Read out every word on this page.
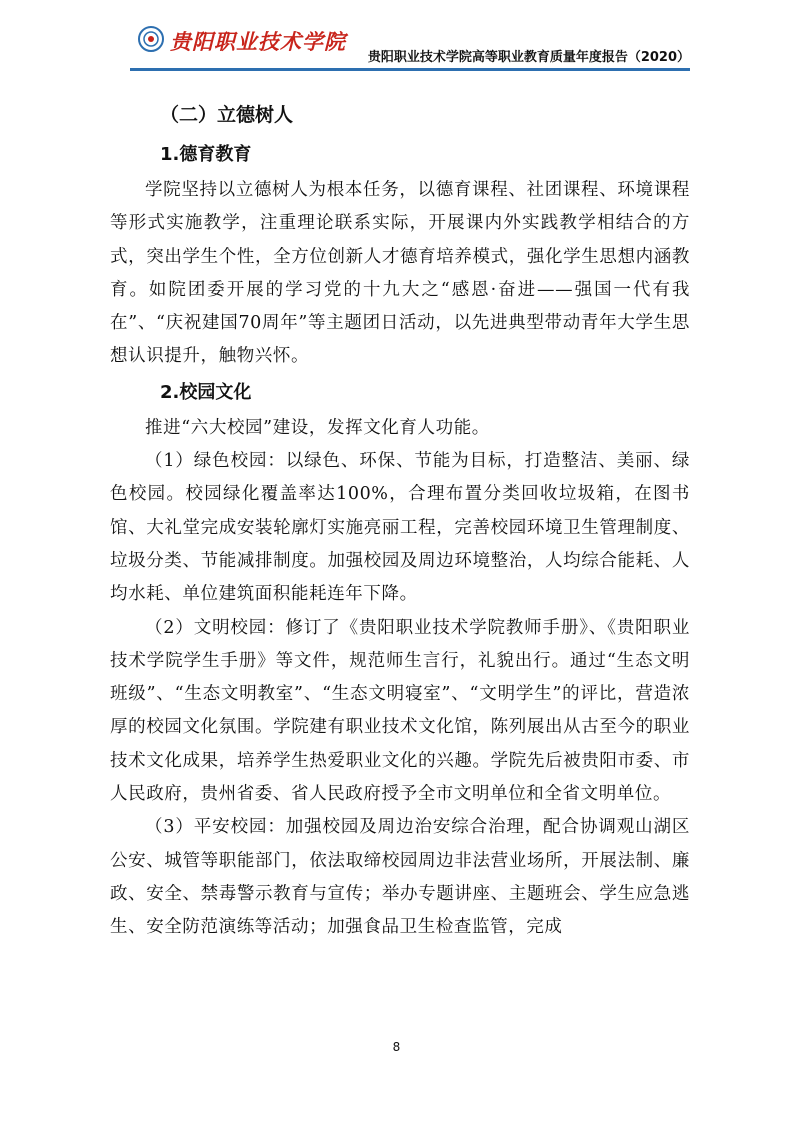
贵阳职业技术学院
贵阳职业技术学院高等职业教育质量年度报告（2020）
（二）立德树人
1.德育教育

学院坚持以立德树人为根本任务，以德育课程、社团课程、环境课程等形式实施教学，注重理论联系实际，开展课内外实践教学相结合的方式，突出学生个性，全方位创新人才德育培养模式，强化学生思想内涵教育。如院团委开展的学习党的十九大之“感恩·奋进——强国一代有我在”、“庆祝建国70周年”等主题团日活动，以先进典型带动青年大学生思想认识提升，触物兴怀。

2.校园文化

推进“六大校园”建设，发挥文化育人功能。

（1）绿色校园：以绿色、环保、节能为目标，打造整洁、美丽、绿色校园。校园绿化覆盖率达100%，合理布置分类回收垃圾箱，在图书馆、大礼堂完成安装轮廓灯实施亮丽工程，完善校园环境卫生管理制度、垃圾分类、节能减排制度。加强校园及周边环境整治，人均综合能耗、人均水耗、单位建筑面积能耗连年下降。

（2）文明校园：修订了《贵阳职业技术学院教师手册》、《贵阳职业技术学院学生手册》等文件，规范师生言行，礼貌出行。通过“生态文明班级”、“生态文明教室”、“生态文明寝室”、“文明学生”的评比，营造浓厚的校园文化氛围。学院建有职业技术文化馆，陈列展出从古至今的职业技术文化成果，培养学生热爱职业文化的兴趣。学院先后被贵阳市委、市人民政府，贵州省委、省人民政府授予全市文明单位和全省文明单位。

（3）平安校园：加强校园及周边治安综合治理，配合协调观山湖区公安、城管等职能部门，依法取缔校园周边非法营业场所，开展法制、廉政、安全、禁毒警示教育与宣传；举办专题讲座、主题班会、学生应急逃生、安全防范演练等活动；加强食品卫生检查监管，完成

8
